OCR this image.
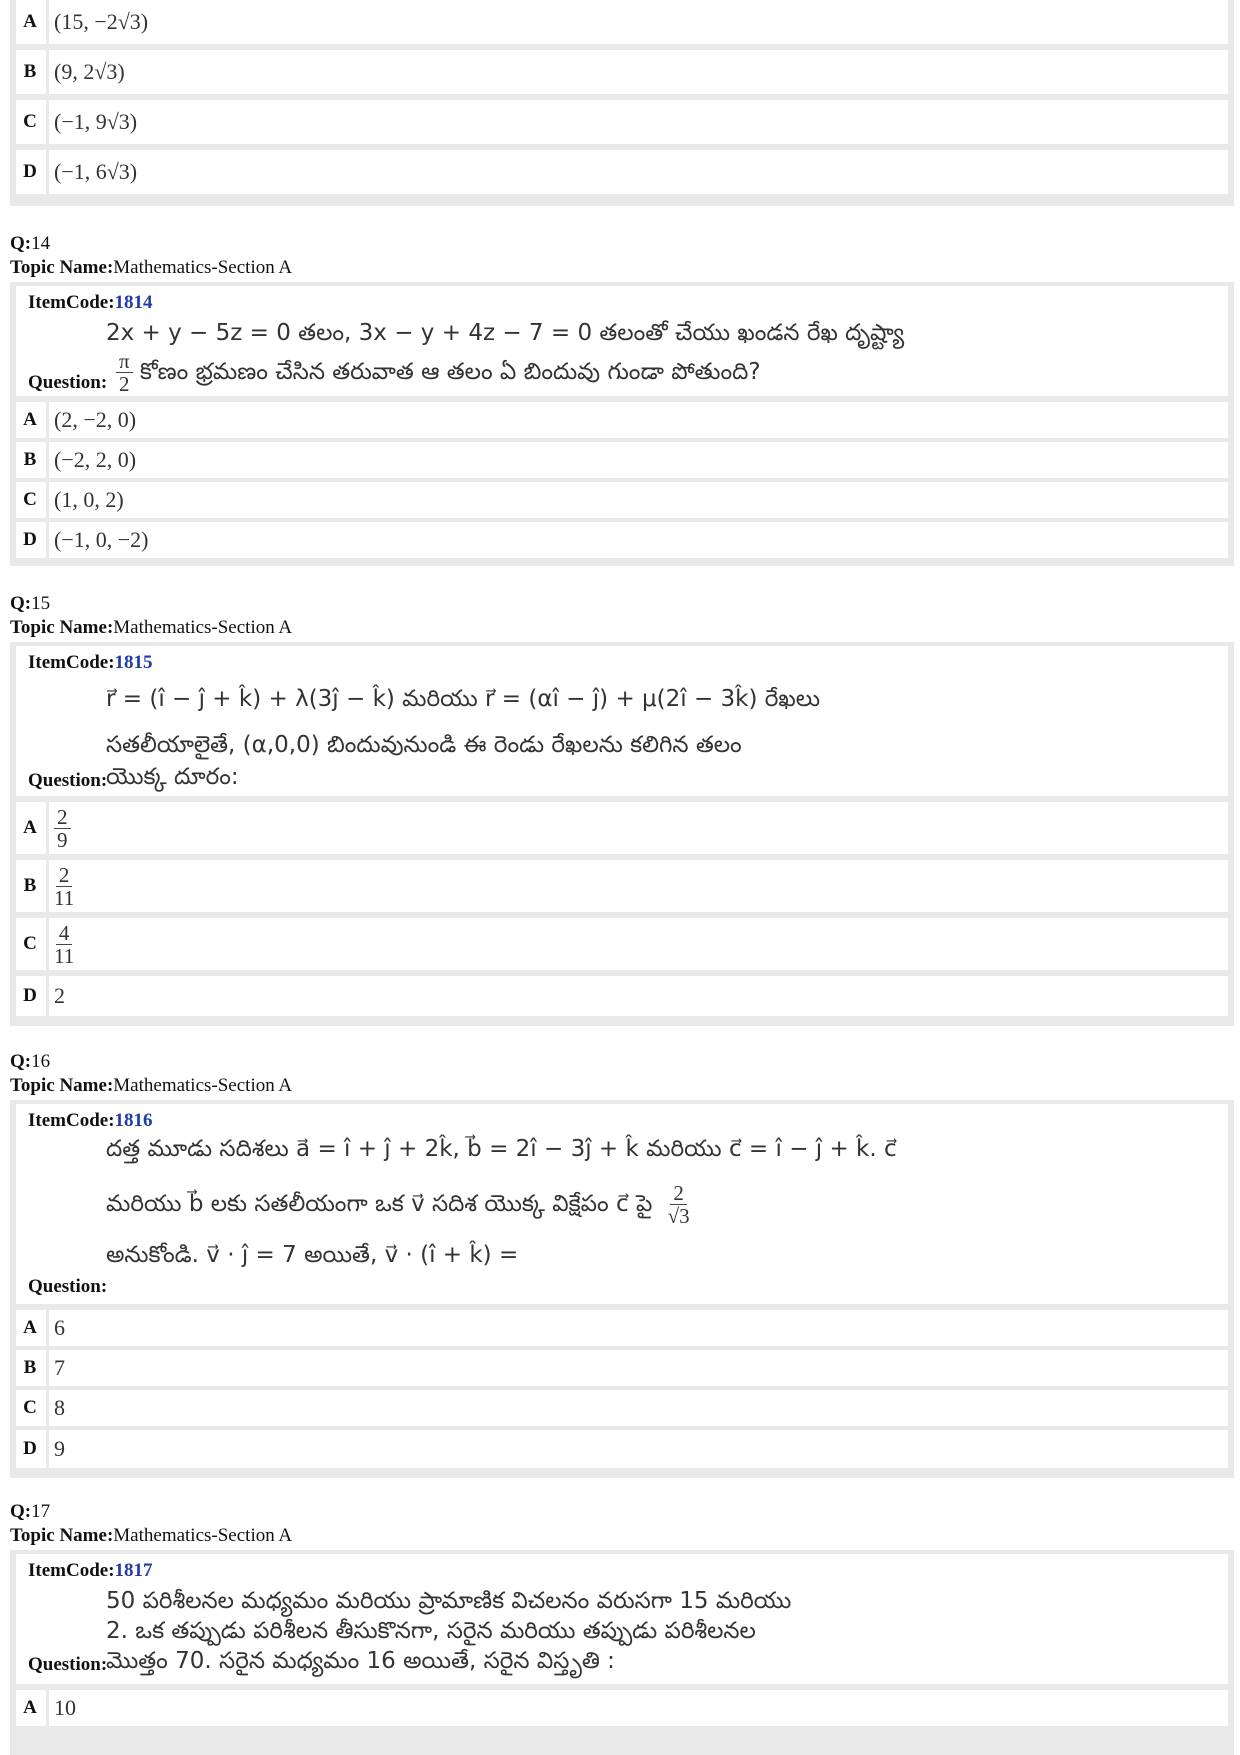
A (15, −2√3)
B (9, 2√3)
C (−1, 9√3)
D (−1, 6√3)
Q:14
Topic Name:Mathematics-Section A
ItemCode:1814
2x + y − 5z = 0 తలం, 3x − y + 4z − 7 = 0 తలంతో చేయు ఖండన రేఖ దృష్ట్యా
$\frac{\pi}{2}$ కోణం భ్రమణం చేసిన తరువాత ఆ తలం ఏ బిందువు గుండా పోతుంది?
Question:
A (2, −2, 0)
B (−2, 2, 0)
C (1, 0, 2)
D (−1, 0, −2)
Q:15
Topic Name:Mathematics-Section A
ItemCode:1815
r⃗ = (î − ĵ + k̂) + λ(3ĵ − k̂) మరియు r⃗ = (αî − ĵ) + μ(2î − 3k̂) రేఖలు
సతలీయాలైతే, (α,0,0) బిందువునుండి ఈ రెండు రేఖలను కలిగిన తలం
యొక్క దూరం:
Question:
A $\frac{2}{9}$
B $\frac{2}{11}$
C $\frac{4}{11}$
D 2
Q:16
Topic Name:Mathematics-Section A
ItemCode:1816
దత్త మూడు సదిశలు a⃗ = î + ĵ + 2k̂, b⃗ = 2î − 3ĵ + k̂ మరియు c⃗ = î − ĵ + k̂. c⃗
మరియు b⃗ లకు సతలీయంగా ఒక v⃗ సదిశ యొక్క విక్షేపం c⃗ పై $\frac{2}{√3}$
అనుకోండి. v⃗ · ĵ = 7 అయితే, v⃗ · (î + k̂) =
Question:
A 6
B 7
C 8
D 9
Q:17
Topic Name:Mathematics-Section A
ItemCode:1817
50 పరిశీలనల మధ్యమం మరియు ప్రామాణిక విచలనం వరుసగా 15 మరియు
2. ఒక తప్పుడు పరిశీలన తీసుకొనగా, సరైన మరియు తప్పుడు పరిశీలనల
మొత్తం 70. సరైన మధ్యమం 16 అయితే, సరైన విస్తృతి :
Question:
A 10
